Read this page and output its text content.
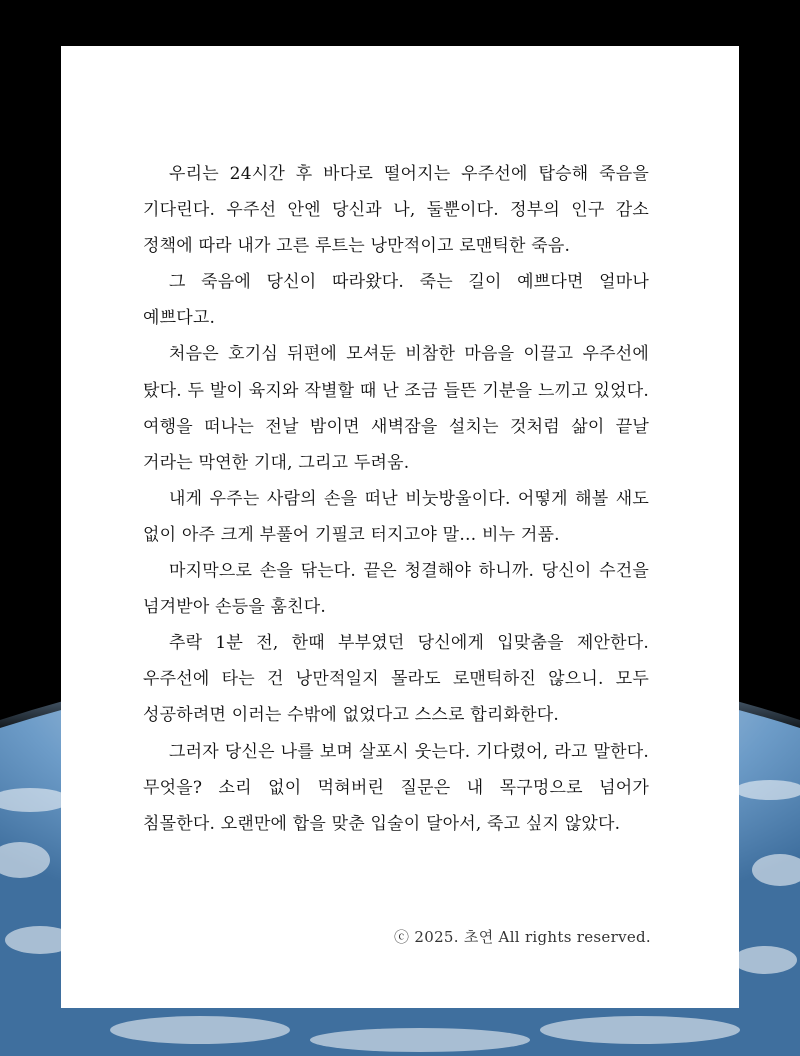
우리는 24시간 후 바다로 떨어지는 우주선에 탑승해 죽음을 기다린다. 우주선 안엔 당신과 나, 둘뿐이다. 정부의 인구 감소 정책에 따라 내가 고른 루트는 낭만적이고 로맨틱한 죽음.

그 죽음에 당신이 따라왔다. 죽는 길이 예쁘다면 얼마나 예쁘다고.

처음은 호기심 뒤편에 모셔둔 비참한 마음을 이끌고 우주선에 탔다. 두 발이 육지와 작별할 때 난 조금 들뜬 기분을 느끼고 있었다. 여행을 떠나는 전날 밤이면 새벽잠을 설치는 것처럼 삶이 끝날 거라는 막연한 기대, 그리고 두려움.

내게 우주는 사람의 손을 떠난 비눗방울이다. 어떻게 해볼 새도 없이 아주 크게 부풀어 기필코 터지고야 말… 비누 거품.

마지막으로 손을 닦는다. 끝은 청결해야 하니까. 당신이 수건을 넘겨받아 손등을 훔친다.

추락 1분 전, 한때 부부였던 당신에게 입맞춤을 제안한다. 우주선에 타는 건 낭만적일지 몰라도 로맨틱하진 않으니. 모두 성공하려면 이러는 수밖에 없었다고 스스로 합리화한다.

그러자 당신은 나를 보며 살포시 웃는다. 기다렸어, 라고 말한다. 무엇을? 소리 없이 먹혀버린 질문은 내 목구멍으로 넘어가 침몰한다. 오랜만에 합을 맞춘 입술이 달아서, 죽고 싶지 않았다.

ⓒ 2025. 초연 All rights reserved.
